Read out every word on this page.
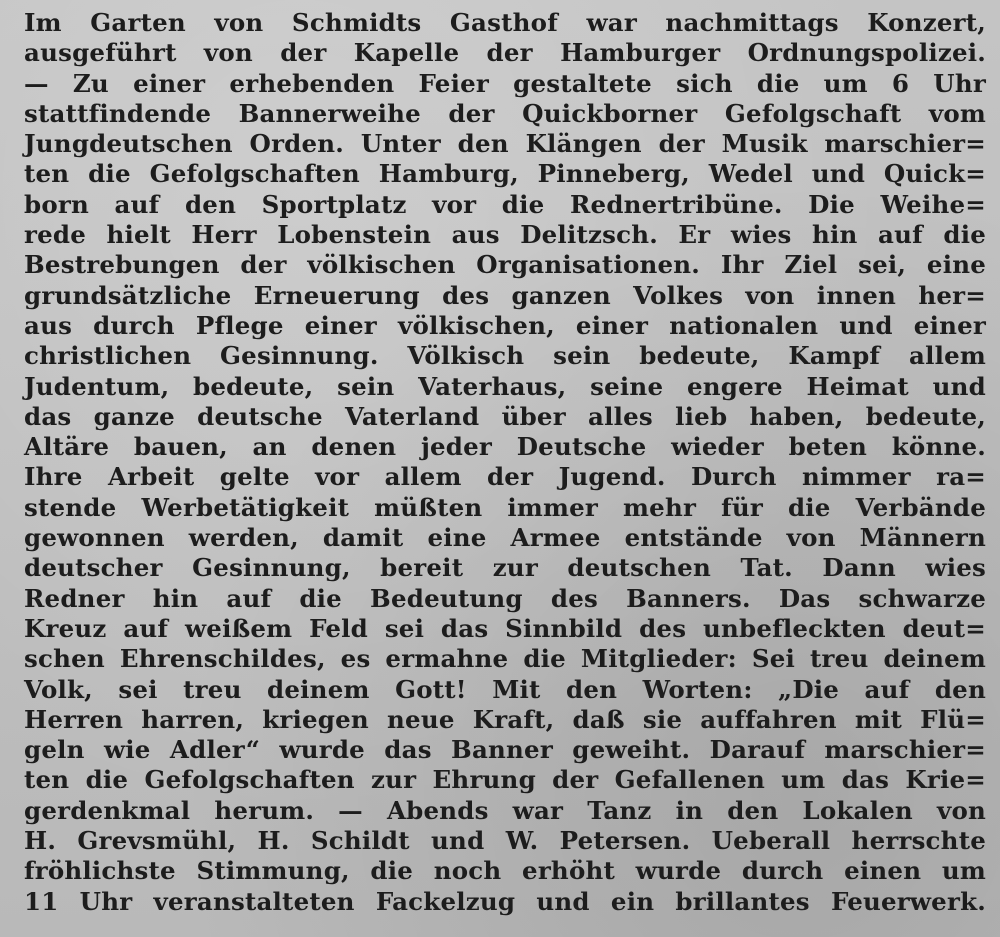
Im Garten von Schmidts Gasthof war nachmittags Konzert,
ausgeführt von der Kapelle der Hamburger Ordnungspolizei.
— Zu einer erhebenden Feier gestaltete sich die um 6 Uhr
stattfindende Bannerweihe der Quickborner Gefolgschaft vom
Jungdeutschen Orden. Unter den Klängen der Musik marschier=
ten die Gefolgschaften Hamburg, Pinneberg, Wedel und Quick=
born auf den Sportplatz vor die Rednertribüne. Die Weihe=
rede hielt Herr Lobenstein aus Delitzsch. Er wies hin auf die
Bestrebungen der völkischen Organisationen. Ihr Ziel sei, eine
grundsätzliche Erneuerung des ganzen Volkes von innen her=
aus durch Pflege einer völkischen, einer nationalen und einer
christlichen Gesinnung. Völkisch sein bedeute, Kampf allem
Judentum, bedeute, sein Vaterhaus, seine engere Heimat und
das ganze deutsche Vaterland über alles lieb haben, bedeute,
Altäre bauen, an denen jeder Deutsche wieder beten könne.
Ihre Arbeit gelte vor allem der Jugend. Durch nimmer ra=
stende Werbetätigkeit müßten immer mehr für die Verbände
gewonnen werden, damit eine Armee entstände von Männern
deutscher Gesinnung, bereit zur deutschen Tat. Dann wies
Redner hin auf die Bedeutung des Banners. Das schwarze
Kreuz auf weißem Feld sei das Sinnbild des unbefleckten deut=
schen Ehrenschildes, es ermahne die Mitglieder: Sei treu deinem
Volk, sei treu deinem Gott! Mit den Worten: „Die auf den
Herren harren, kriegen neue Kraft, daß sie auffahren mit Flü=
geln wie Adler“ wurde das Banner geweiht. Darauf marschier=
ten die Gefolgschaften zur Ehrung der Gefallenen um das Krie=
gerdenkmal herum. — Abends war Tanz in den Lokalen von
H. Grevsmühl, H. Schildt und W. Petersen. Ueberall herrschte
fröhlichste Stimmung, die noch erhöht wurde durch einen um
11 Uhr veranstalteten Fackelzug und ein brillantes Feuerwerk.
